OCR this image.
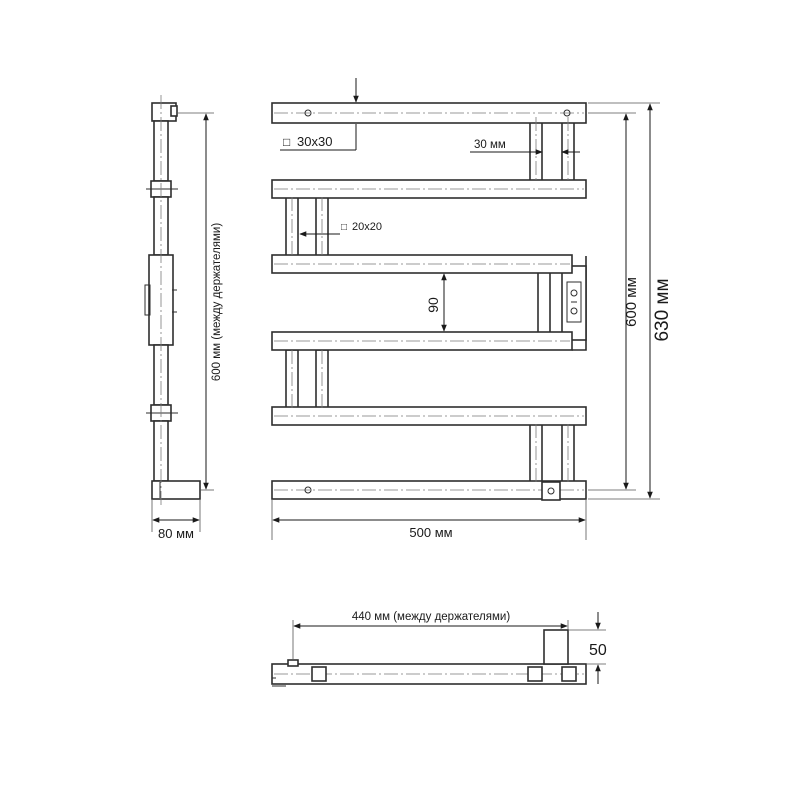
□ 30x30	30 мм
□ 20x20
90	600 мм 630 мм
500 мм
600 мм (между держателями)
80 мм
440 мм (между держателями)
50
